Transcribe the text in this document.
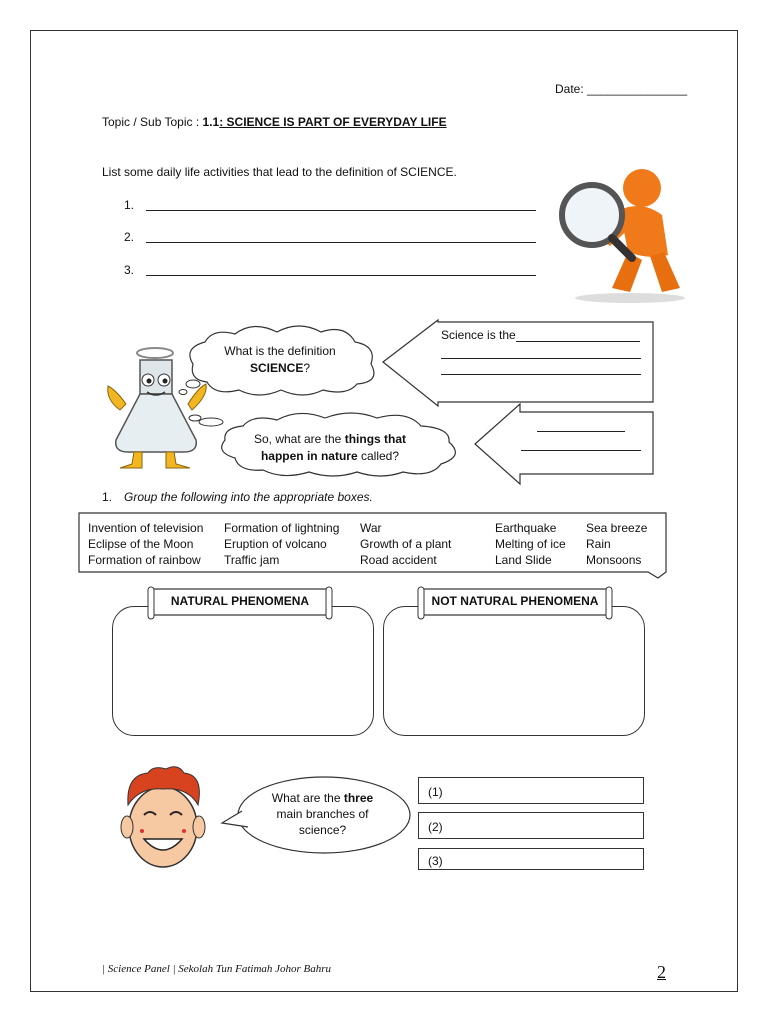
Date: _______________
Topic / Sub Topic : 1.1: SCIENCE IS PART OF EVERYDAY LIFE
List some daily life activities that lead to the definition of SCIENCE.
1.
2.
3.
What is the definition
SCIENCE?
Science is the
So, what are the things that
happen in nature called?
1. Group the following into the appropriate boxes.
Invention of television
Eclipse of the Moon
Formation of rainbow
Formation of lightning
Eruption of volcano
Traffic jam
War
Growth of a plant
Road accident
Earthquake
Melting of ice
Land Slide
Sea breeze
Rain
Monsoons
NATURAL PHENOMENA	NOT NATURAL PHENOMENA
What are the three
main branches of
science?
(1)
(2)
(3)
| Science Panel | Sekolah Tun Fatimah Johor Bahru	2
